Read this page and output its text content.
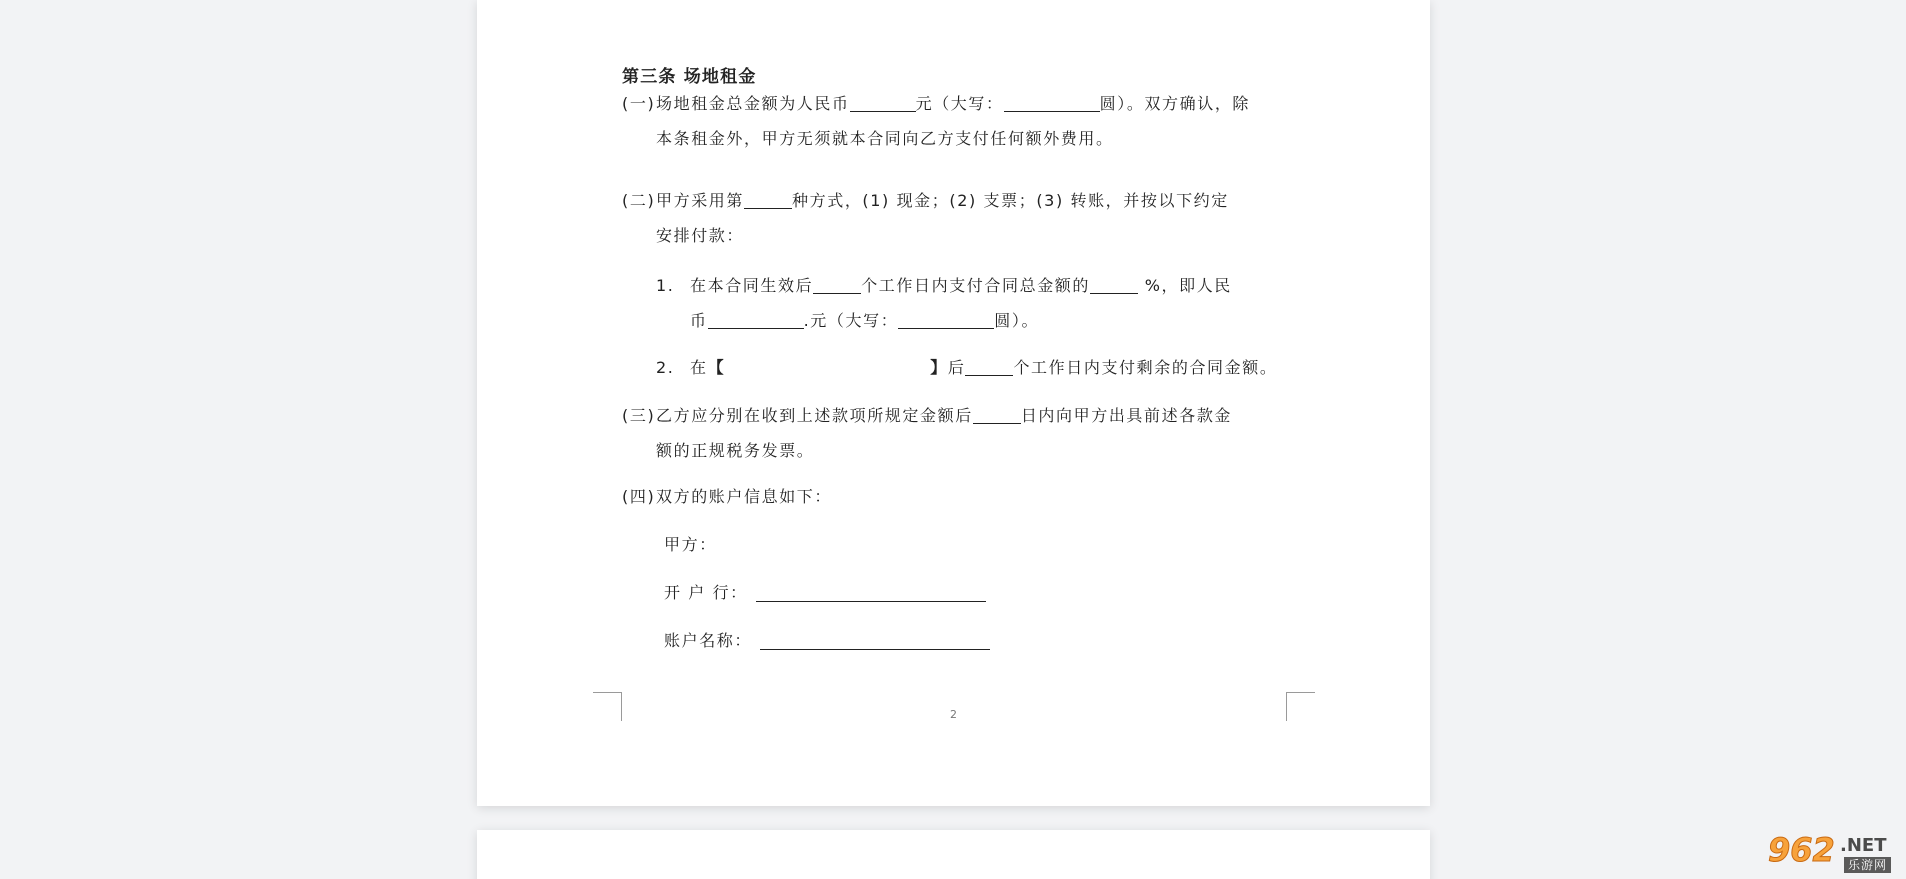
第三条 场地租金
(一) 场地租金总金额为人民币	元（大写：	圆）。双方确认，除
本条租金外，甲方无须就本合同向乙方支付任何额外费用。
(二) 甲方采用第	种方式，(1) 现金；(2) 支票；(3) 转账，并按以下约定
安排付款：
1. 在本合同生效后	个工作日内支付合同总金额的	%，即人民
币	.元（大写：	圆）。
2. 在【	】后	个工作日内支付剩余的合同金额。
(三) 乙方应分别在收到上述款项所规定金额后	日内向甲方出具前述各款金
额的正规税务发票。
(四) 双方的账户信息如下：
甲方：
开 户 行：
账户名称：
2
962 .NET
乐游网
